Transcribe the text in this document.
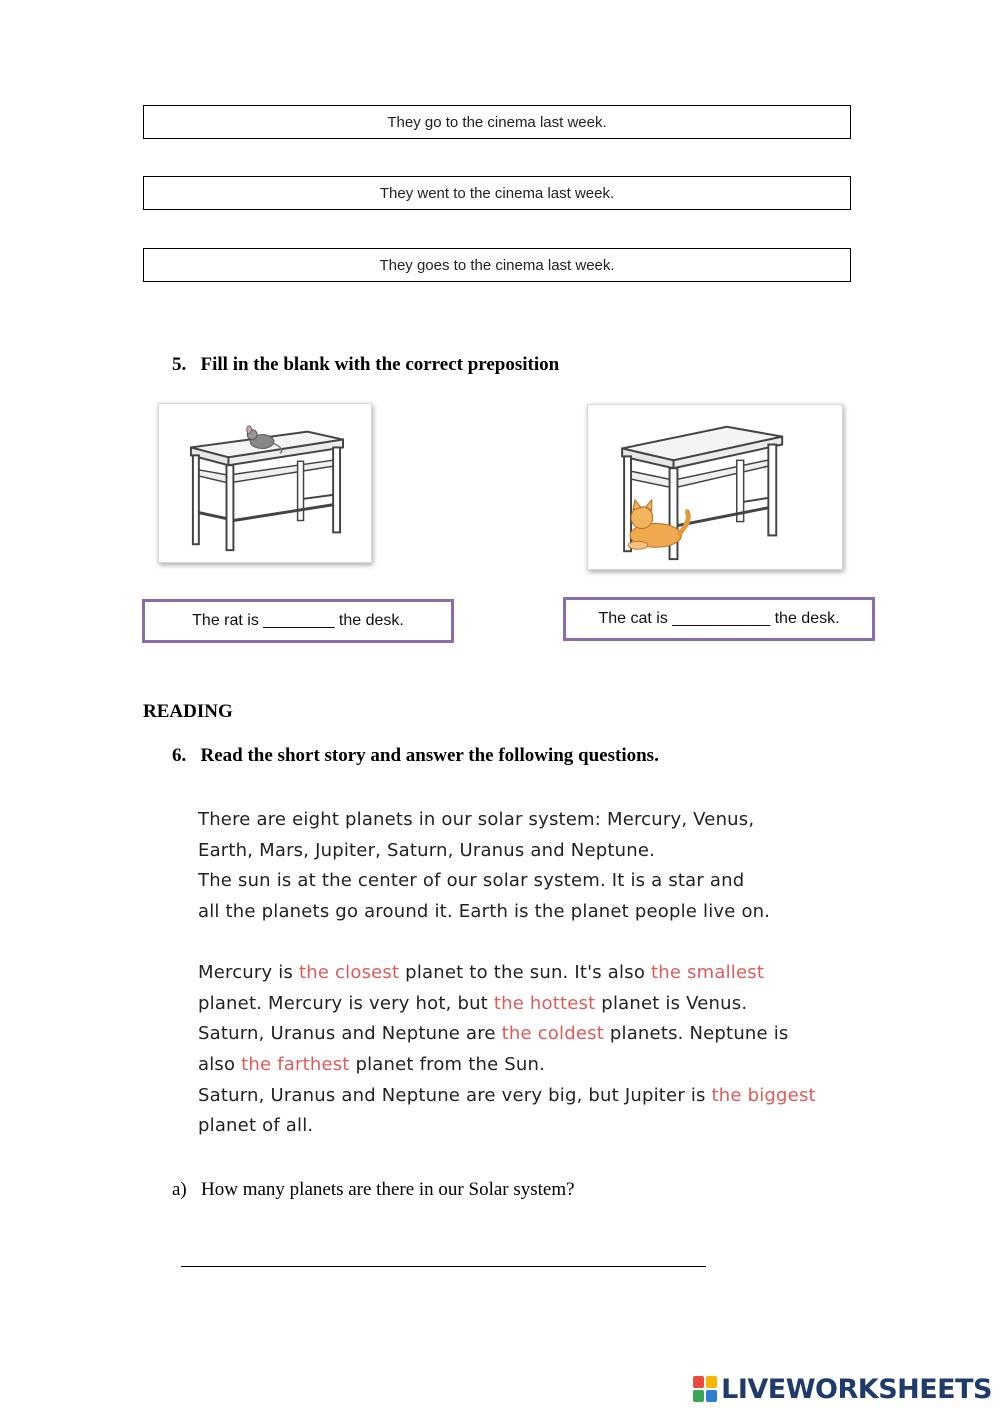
They go to the cinema last week.
They went to the cinema last week.
They goes to the cinema last week.
5. Fill in the blank with the correct preposition
The rat is ________ the desk.	The cat is ___________ the desk.
READING
6. Read the short story and answer the following questions.

There are eight planets in our solar system: Mercury, Venus,

Earth, Mars, Jupiter, Saturn, Uranus and Neptune.

The sun is at the center of our solar system. It is a star and

all the planets go around it. Earth is the planet people live on.

Mercury is the closest planet to the sun. It's also the smallest planet. Mercury is very hot, but the hottest planet is Venus. Saturn, Uranus and Neptune are the coldest planets. Neptune is also the farthest planet from the Sun.

Saturn, Uranus and Neptune are very big, but Jupiter is the biggest planet of all.

a) How many planets are there in our Solar system?
LIVEWORKSHEETS
